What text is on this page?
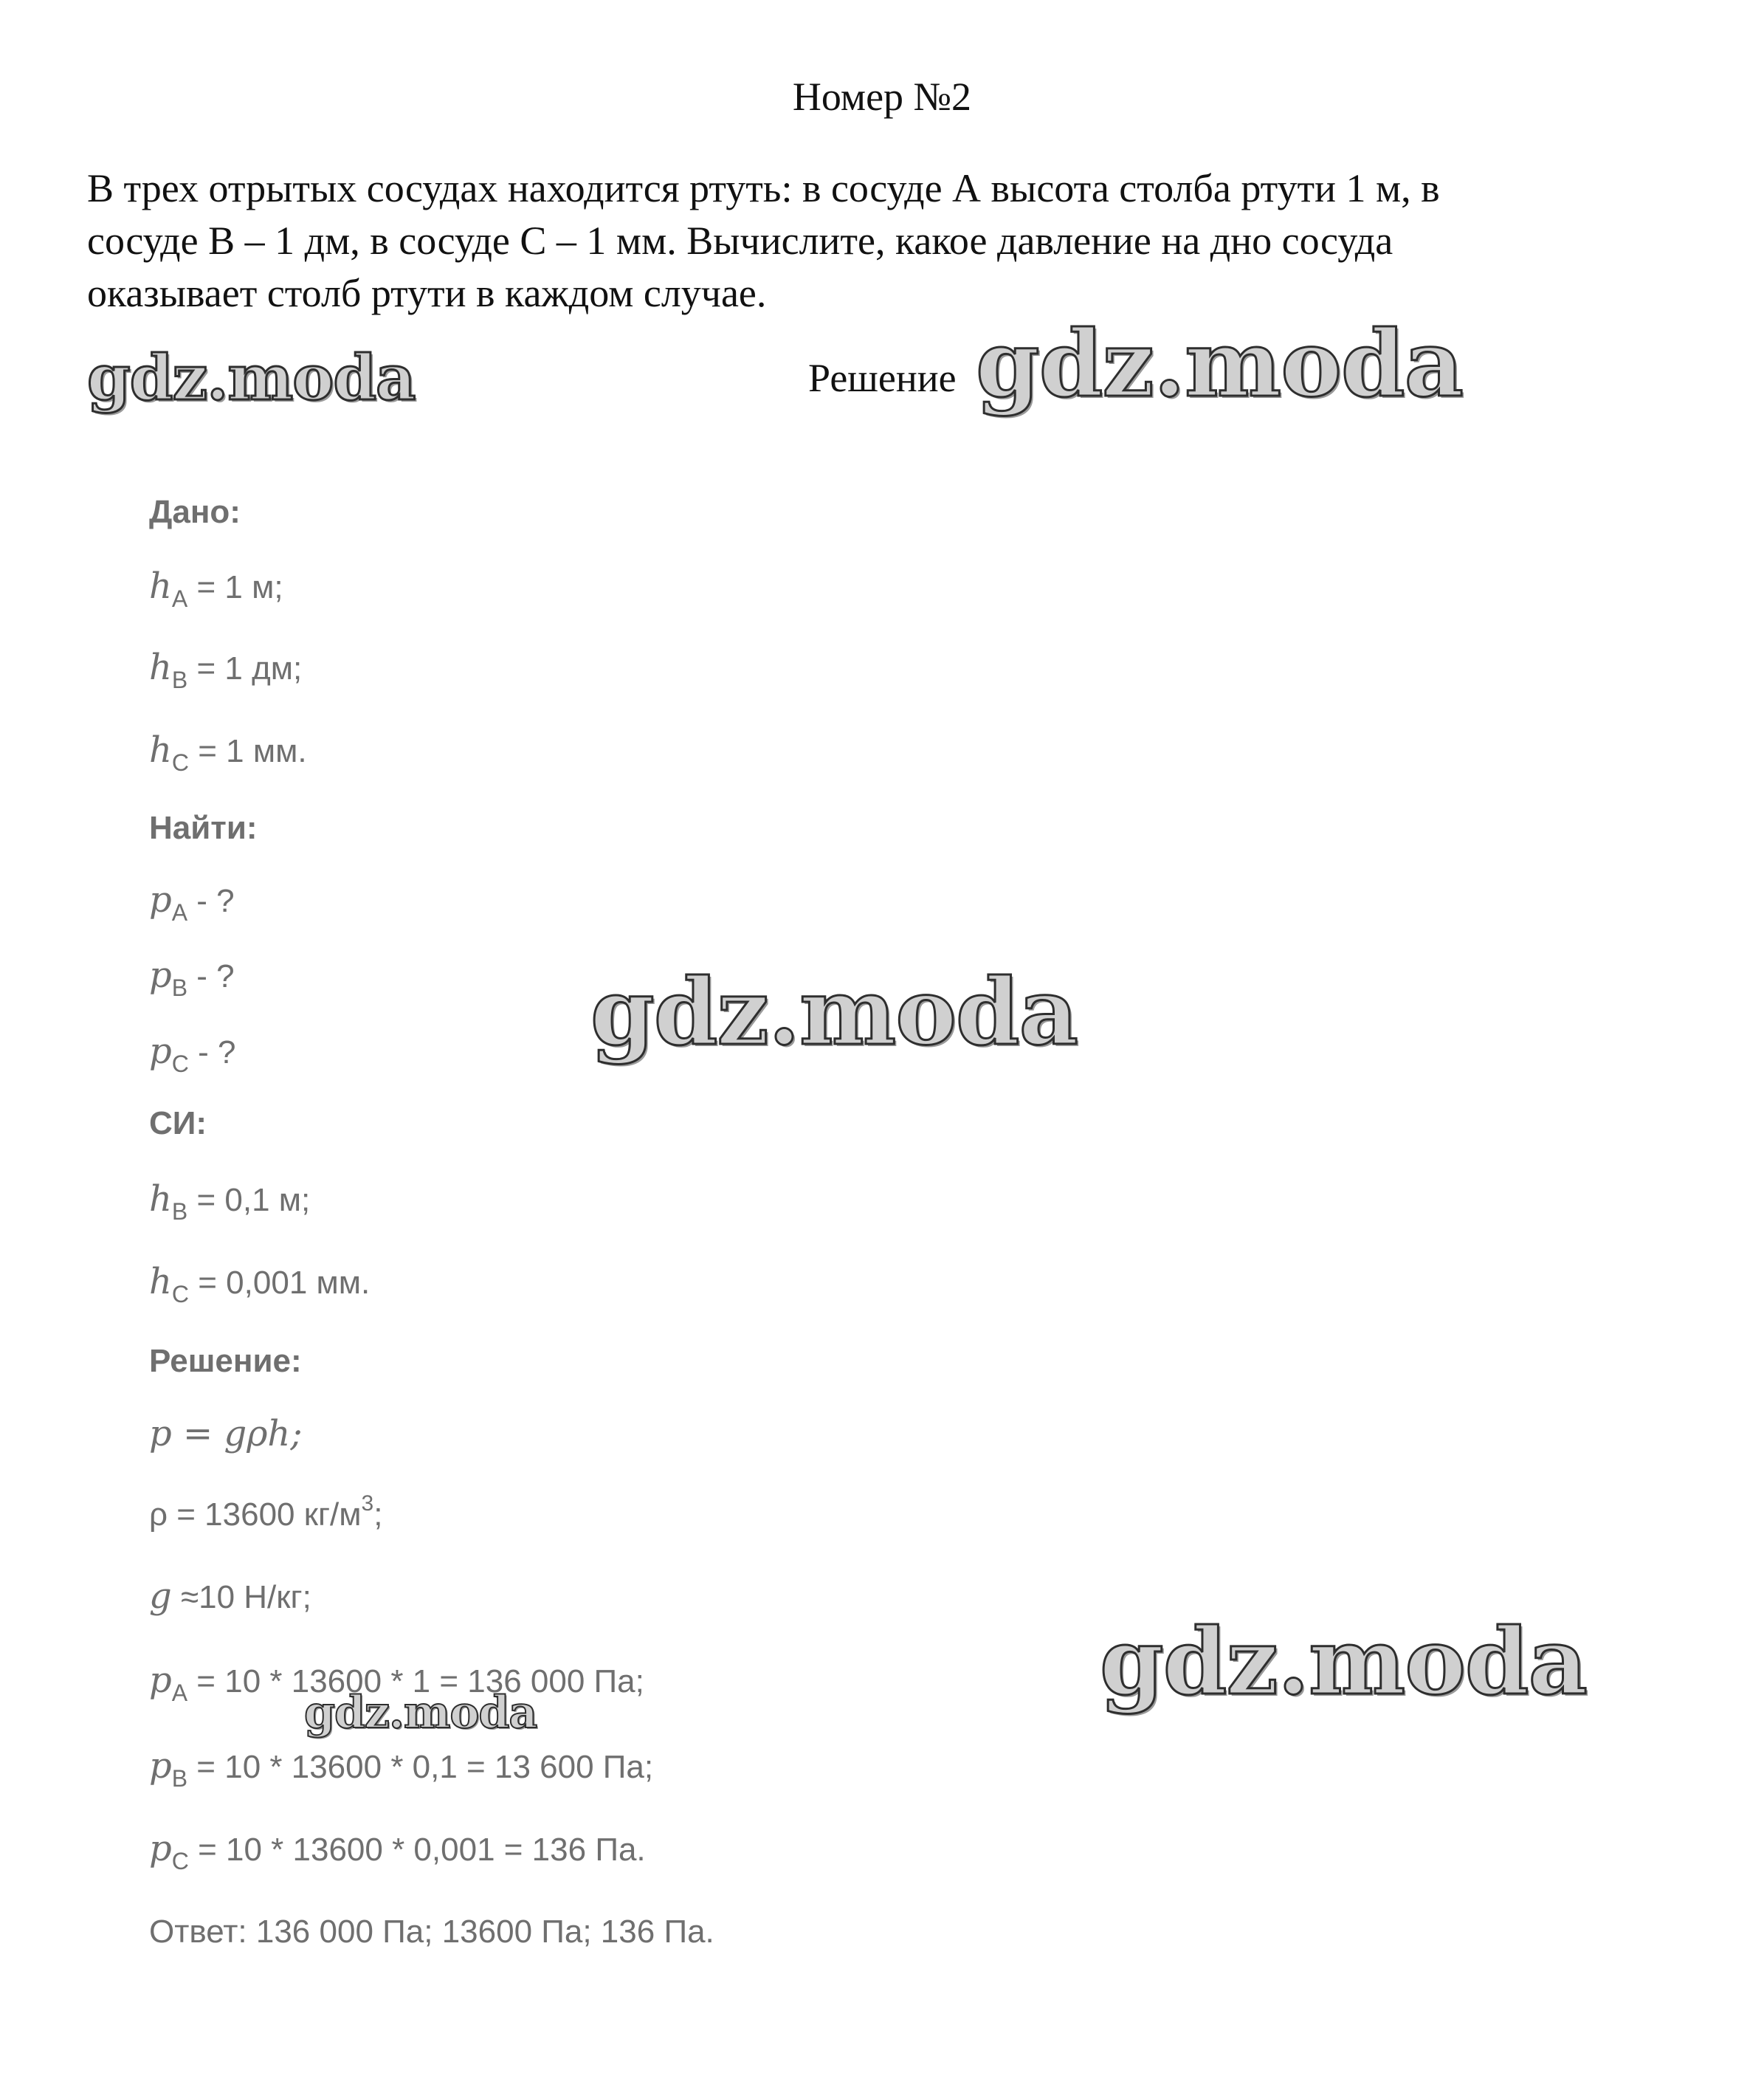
Номер №2

В трех отрытых сосудах находится ртуть: в сосуде А высота столба ртути 1 м, в
сосуде В – 1 дм, в сосуде С – 1 мм. Вычислите, какое давление на дно сосуда
оказывает столб ртути в каждом случае.

Решение
gdz.moda	gdz.moda
Дано:
$h_A = 1$ м;
$h_B = 1$ дм;
$h_C = 1$ мм.
Найти:
$p_A$ - ?
$p_B$ - ?
$p_C$ - ?	gdz.moda
СИ:
$h_B = 0,1$ м;
$h_C = 0,001$ мм.
Решение:
p = gρh;
ρ = 13600 $кг/м^3$;
g ≈10 Н/кг;
$p_A = 10 * 13600 * 1 = 136$ 000 Па;
$p_B = 10 * 13600 * 0,1 = 13$ 600 Па;
$p_C = 10 * 13600 * 0,001 = 136$ Па.
gdz.moda
gdz.moda
Ответ: 136 000 Па; 13600 Па; 136 Па.
